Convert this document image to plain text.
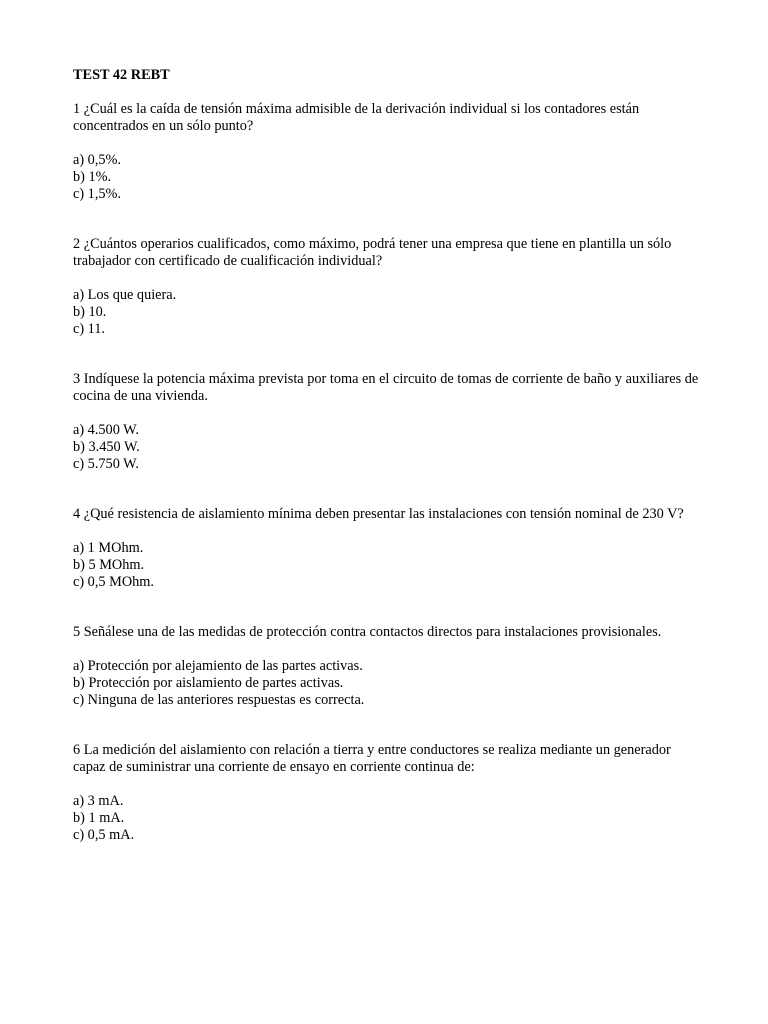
TEST 42 REBT

1 ¿Cuál es la caída de tensión máxima admisible de la derivación individual si los contadores están concentrados en un sólo punto?

a) 0,5%.
b) 1%.
c) 1,5%.

2 ¿Cuántos operarios cualificados, como máximo, podrá tener una empresa que tiene en plantilla un sólo trabajador con certificado de cualificación individual?

a) Los que quiera.
b) 10.
c) 11.

3 Indíquese la potencia máxima prevista por toma en el circuito de tomas de corriente de baño y auxiliares de cocina de una vivienda.

a) 4.500 W.
b) 3.450 W.
c) 5.750 W.

4 ¿Qué resistencia de aislamiento mínima deben presentar las instalaciones con tensión nominal de 230 V?

a) 1 MOhm.
b) 5 MOhm.
c) 0,5 MOhm.

5 Señálese una de las medidas de protección contra contactos directos para instalaciones provisionales.

a) Protección por alejamiento de las partes activas.
b) Protección por aislamiento de partes activas.
c) Ninguna de las anteriores respuestas es correcta.

6 La medición del aislamiento con relación a tierra y entre conductores se realiza mediante un generador capaz de suministrar una corriente de ensayo en corriente continua de:

a) 3 mA.
b) 1 mA.
c) 0,5 mA.
